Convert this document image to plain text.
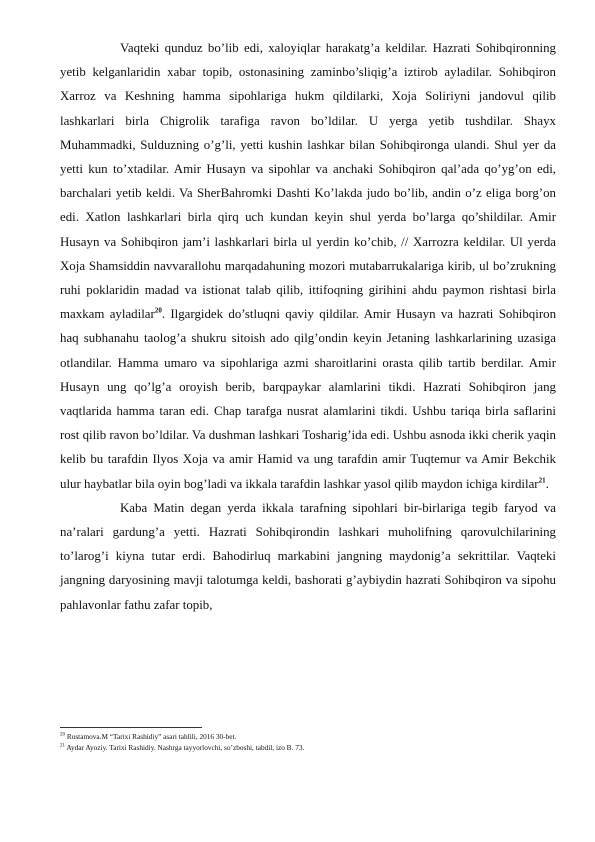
Vaqteki qunduz bo’lib edi, xaloyiqlar harakatg’a keldilar. Hazrati Sohibqironning yetib kelganlaridin xabar topib, ostonasining zaminbo’sliqig’a iztirob ayladilar. Sohibqiron Xarroz va Keshning hamma sipohlariga hukm qildilarki, Xoja Soliriyni jandovul qilib lashkarlari birla Chigrolik tarafiga ravon bo’ldilar. U yerga yetib tushdilar. Shayx Muhammadki, Sulduzning o’g’li, yetti kushin lashkar bilan Sohibqironga ulandi. Shul yer da yetti kun to’xtadilar. Amir Husayn va sipohlar va anchaki Sohibqiron qal’ada qo’yg’on edi, barchalari yetib keldi. Va SherBahromki Dashti Ko’lakda judo bo’lib, andin o’z eliga borg’on edi. Xatlon lashkarlari birla qirq uch kundan keyin shul yerda bo’larga qo’shildilar. Amir Husayn va Sohibqiron jam’i lashkarlari birla ul yerdin ko’chib, // Xarrozra keldilar. Ul yerda Xoja Shamsiddin navvarallohu marqadahuning mozori mutabarrukalariga kirib, ul bo’zrukning ruhi poklaridin madad va istionat talab qilib, ittifoqning girihini ahdu paymon rishtasi birla maxkam ayladilar$^{20}$. Ilgargidek do’stluqni qaviy qildilar. Amir Husayn va hazrati Sohibqiron haq subhanahu taolog’a shukru sitoish ado qilg’ondin keyin Jetaning lashkarlarining uzasiga otlandilar. Hamma umaro va sipohlariga azmi sharoitlarini orasta qilib tartib berdilar. Amir Husayn ung qo’lg’a oroyish berib, barqpaykar alamlarini tikdi. Hazrati Sohibqiron jang vaqtlarida hamma taran edi. Chap tarafga nusrat alamlarini tikdi. Ushbu tariqa birla saflarini rost qilib ravon bo’ldilar. Va dushman lashkari Tosharig’ida edi. Ushbu asnoda ikki cherik yaqin kelib bu tarafdin Ilyos Xoja va amir Hamid va ung tarafdin amir Tuqtemur va Amir Bekchik ulur haybatlar bila oyin bog’ladi va ikkala tarafdin lashkar yasol qilib maydon ichiga kirdilar$^{21}$.

Kaba Matin degan yerda ikkala tarafning sipohlari bir-birlariga tegib faryod va na’ralari gardung’a yetti. Hazrati Sohibqirondin lashkari muholifning qarovulchilarining to’larog’i kiyna tutar erdi. Bahodirluq markabini jangning maydonig’a sekrittilar. Vaqteki jangning daryosining mavji talotumga keldi, bashorati g’aybiydin hazrati Sohibqiron va sipohu pahlavonlar fathu zafar topib,

$^{20}$ Rustamova.M “Tarixi Rashidiy” asari tahlili, 2016 30-bet.

$^{21}$ Aydar Ayoziy. Tarixi Rashidiy. Nashrga tayyorlovchi, so’zboshi, tabdil, izo B. 73.
